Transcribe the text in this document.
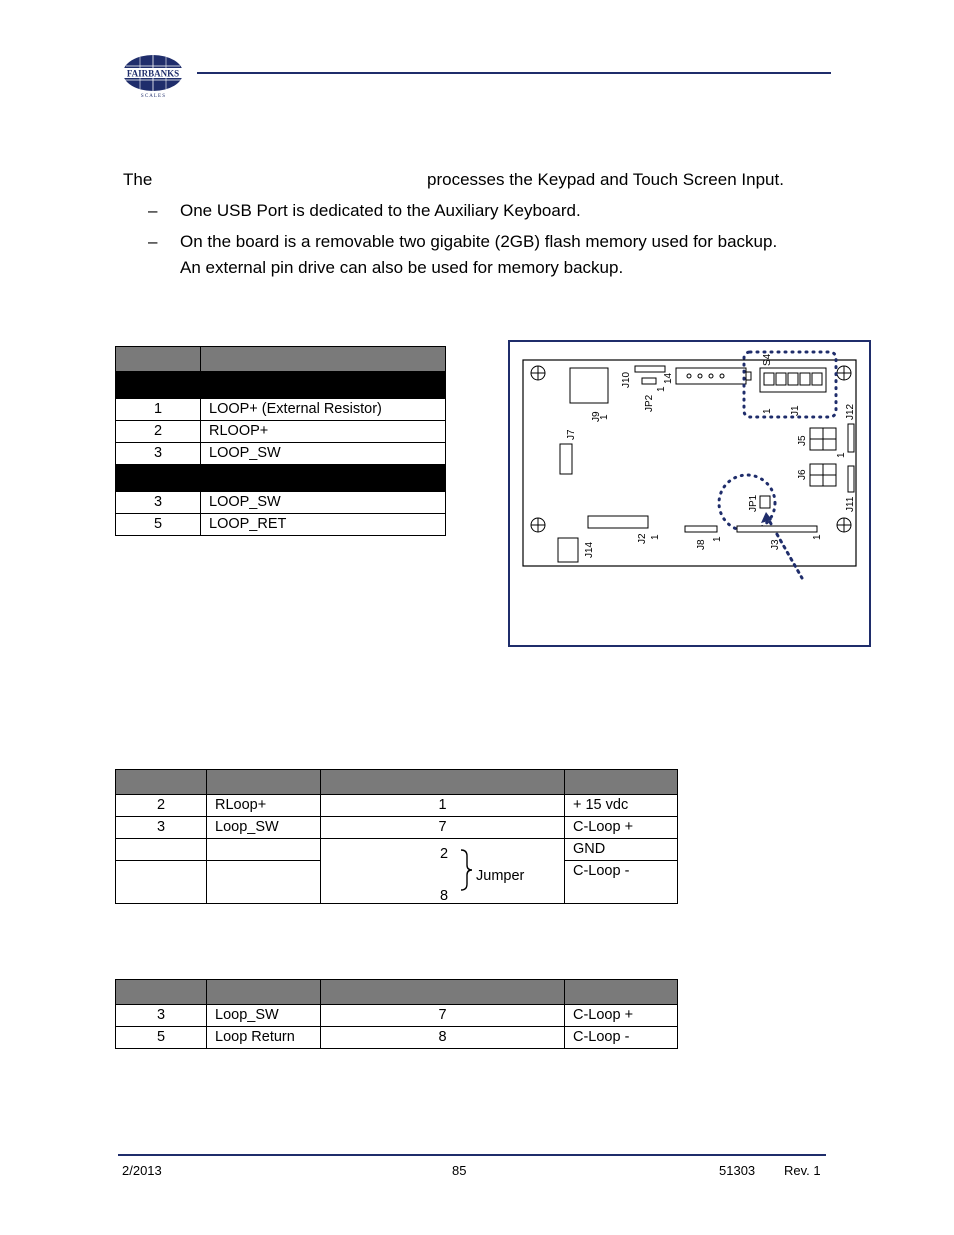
FAIRBANKS
S C A L E S
The	processes the Keypad and Touch Screen Input.
– One USB Port is dedicated to the Auxiliary Keyboard.
– On the board is a removable two gigabite (2GB) flash memory used for backup. An external pin drive can also be used for memory backup.

1	LOOP+ (External Resistor)
2	RLOOP+
3	LOOP_SW

3	LOOP_SW
5	LOOP_RET
J9
1
J10	14
JP2
1
1 J1
S4
J12
J7
J5
J6
J11
1
JP1
J2 1
J14	J8
1
J3
1

2	RLoop+	1	+ 15 vdc
3	Loop_SW	7	C-Loop +
			GND
			C-Loop -
2
8
Jumper

3	Loop_SW	7	C-Loop +
5	Loop Return	8	C-Loop -
2/2013	85	51303 Rev. 1
